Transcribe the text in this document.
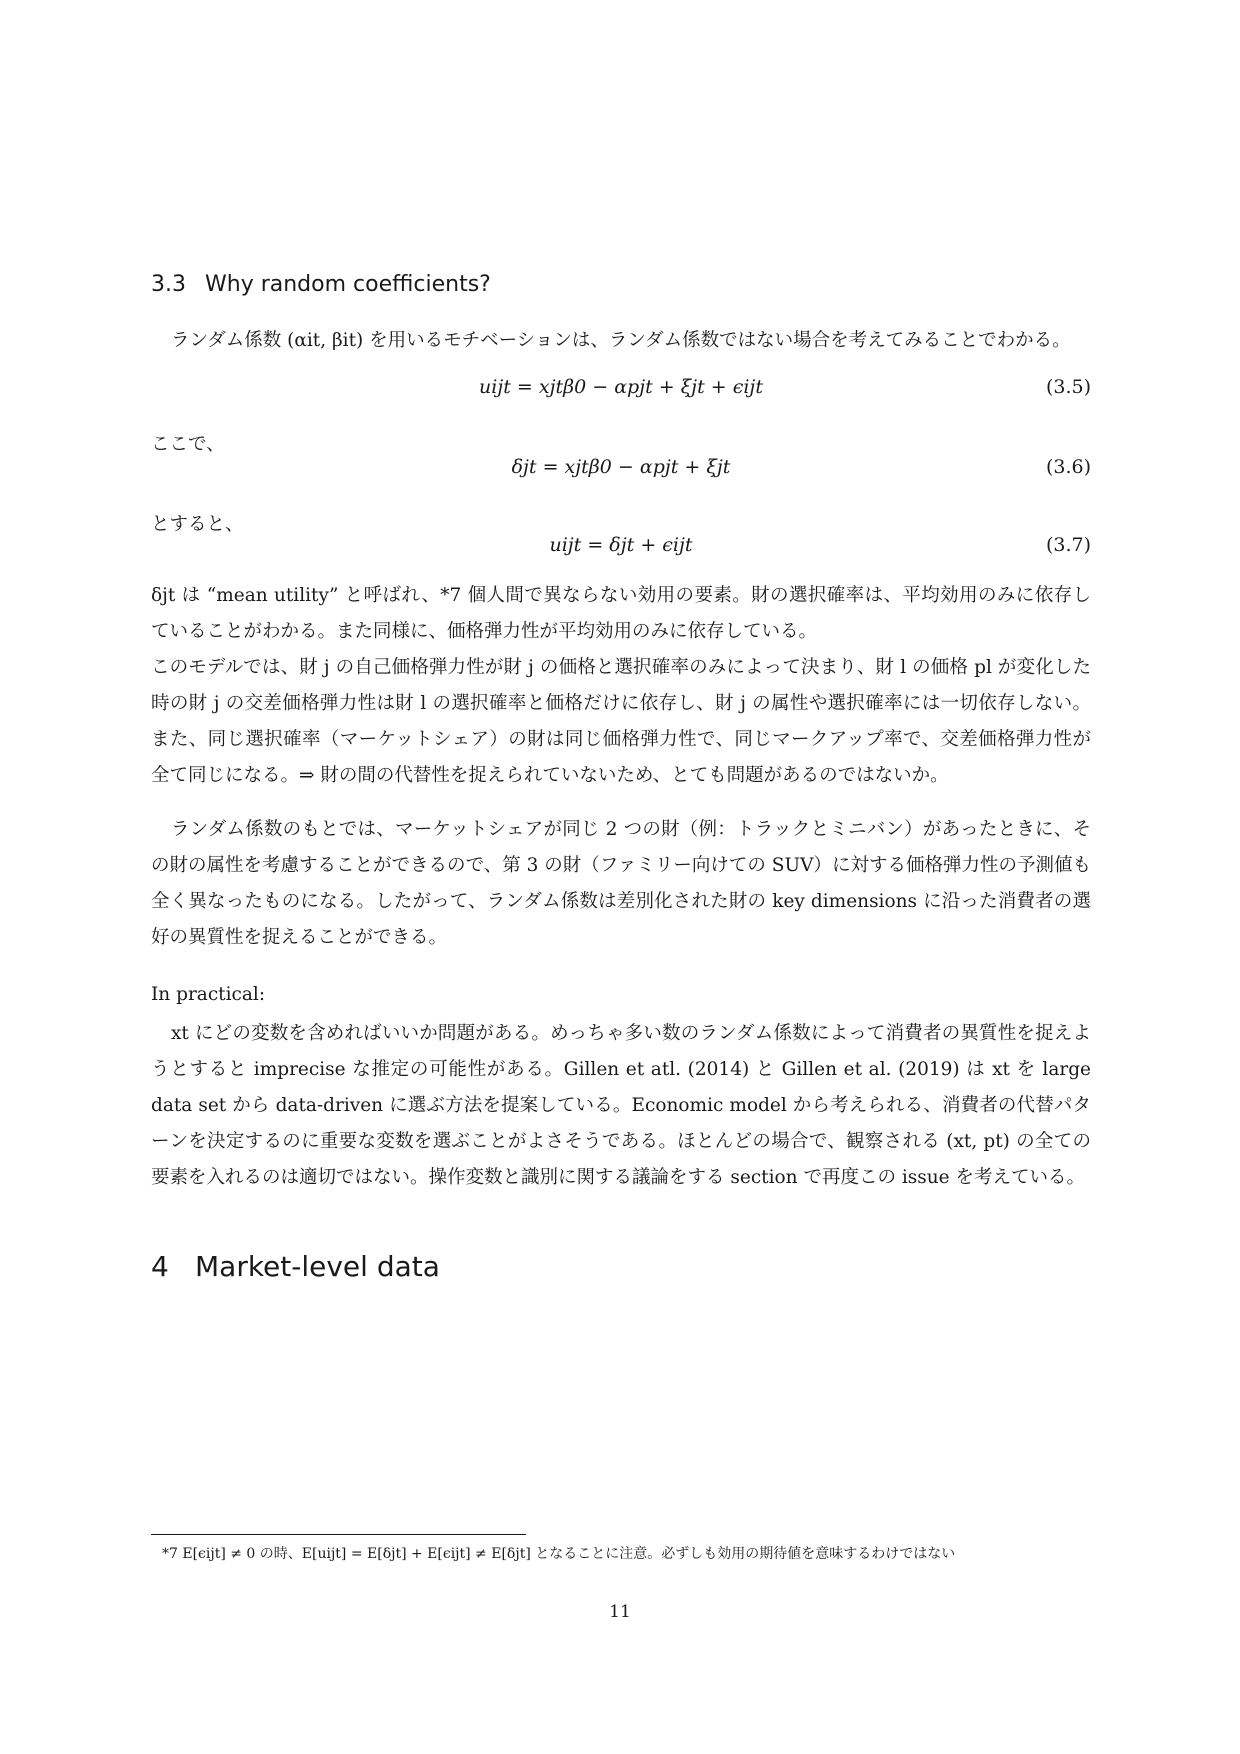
3.3 Why random coefficients?
ランダム係数 (αit, βit) を用いるモチベーションは、ランダム係数ではない場合を考えてみることでわかる。
uijt = xjtβ0 − αpjt + ξjt + ϵijt	(3.5)
ここで、
δjt = xjtβ0 − αpjt + ξjt	(3.6)
とすると、
uijt = δjt + ϵijt	(3.7)
δjt は “mean utility” と呼ばれ、*7 個人間で異ならない効用の要素。財の選択確率は、平均効用のみに依存していることがわかる。また同様に、価格弾力性が平均効用のみに依存している。
このモデルでは、財 j の自己価格弾力性が財 j の価格と選択確率のみによって決まり、財 l の価格 pl が変化した時の財 j の交差価格弾力性は財 l の選択確率と価格だけに依存し、財 j の属性や選択確率には一切依存しない。また、同じ選択確率（マーケットシェア）の財は同じ価格弾力性で、同じマークアップ率で、交差価格弾力性が全て同じになる。⇒ 財の間の代替性を捉えられていないため、とても問題があるのではないか。
ランダム係数のもとでは、マーケットシェアが同じ 2 つの財（例：トラックとミニバン）があったときに、その財の属性を考慮することができるので、第 3 の財（ファミリー向けての SUV）に対する価格弾力性の予測値も全く異なったものになる。したがって、ランダム係数は差別化された財の key dimensions に沿った消費者の選好の異質性を捉えることができる。
In practical:
xt にどの変数を含めればいいか問題がある。めっちゃ多い数のランダム係数によって消費者の異質性を捉えようとすると imprecise な推定の可能性がある。Gillen et atl. (2014) と Gillen et al. (2019) は xt を large data set から data-driven に選ぶ方法を提案している。Economic model から考えられる、消費者の代替パターンを決定するのに重要な変数を選ぶことがよさそうである。ほとんどの場合で、観察される (xt, pt) の全ての要素を入れるのは適切ではない。操作変数と識別に関する議論をする section で再度この issue を考えている。
4 Market-level data
*7 E[ϵijt] ≠ 0 の時、E[uijt] = E[δjt] + E[ϵijt] ≠ E[δjt] となることに注意。必ずしも効用の期待値を意味するわけではない
11
